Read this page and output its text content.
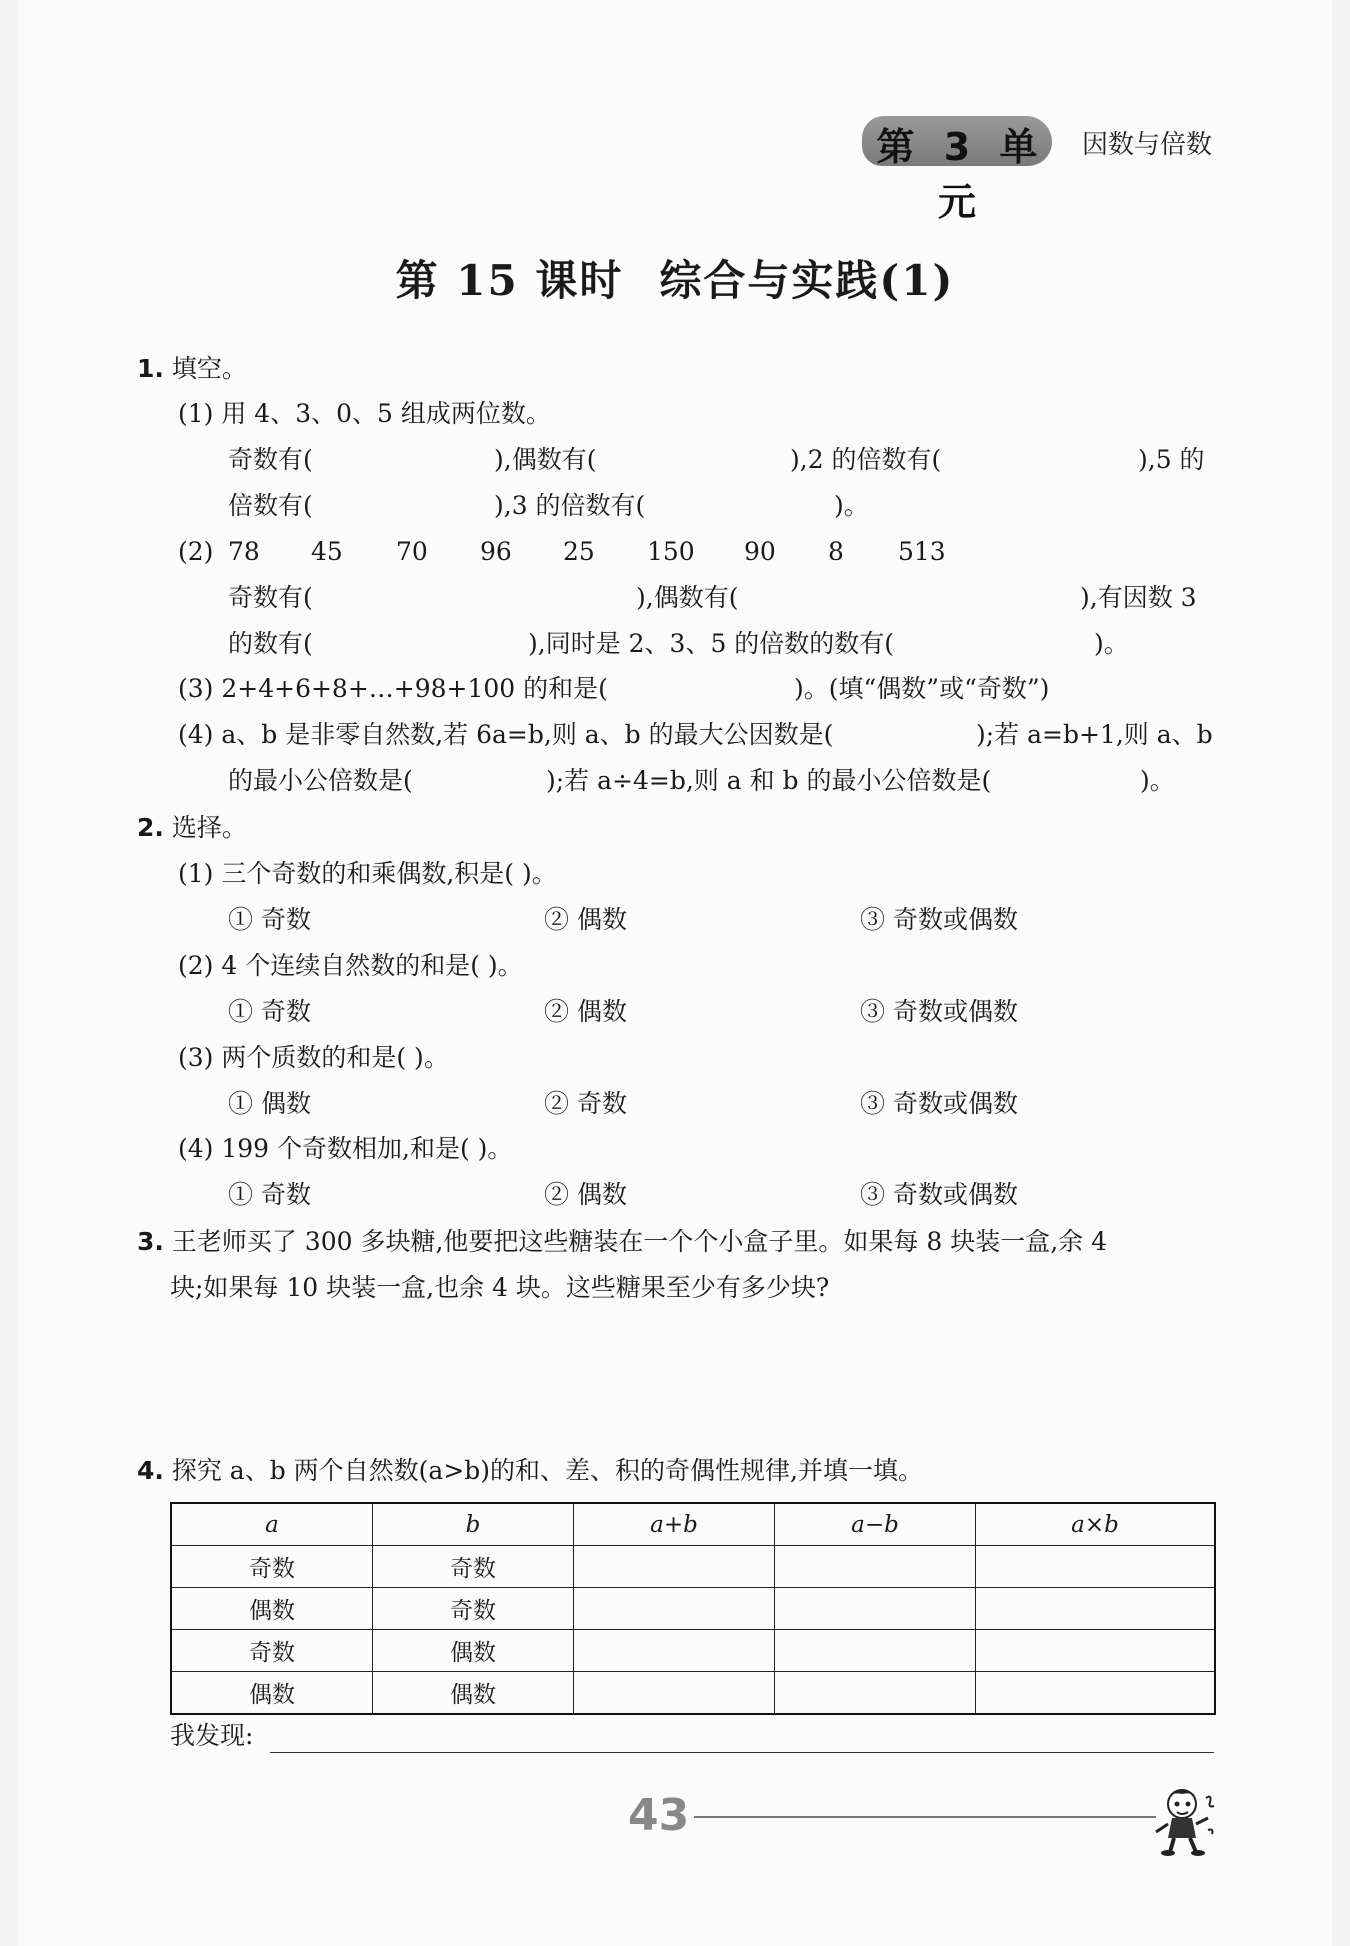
第 3 单元
因数与倍数
第 15 课时 综合与实践(1)
1. 填空。
(1) 用 4、3、0、5 组成两位数。
奇数有(	),偶数有(	),2 的倍数有(	),5 的
倍数有(	),3 的倍数有(	)。
(2) 78 45 70 96 25 150 90 8 513
奇数有(	),偶数有(	),有因数 3
的数有(	),同时是 2、3、5 的倍数的数有(	)。
(3) 2+4+6+8+…+98+100 的和是(	)。(填“偶数”或“奇数”)
(4) a、b 是非零自然数,若 6a=b,则 a、b 的最大公因数是(	);若 a=b+1,则 a、b
的最小公倍数是(	);若 a÷4=b,则 a 和 b 的最小公倍数是(	)。
2. 选择。
(1) 三个奇数的和乘偶数,积是( )。
① 奇数	② 偶数	③ 奇数或偶数
(2) 4 个连续自然数的和是( )。
① 奇数	② 偶数	③ 奇数或偶数
(3) 两个质数的和是( )。
① 偶数	② 奇数	③ 奇数或偶数
(4) 199 个奇数相加,和是( )。
① 奇数	② 偶数	③ 奇数或偶数
3. 王老师买了 300 多块糖,他要把这些糖装在一个个小盒子里。如果每 8 块装一盒,余 4
块;如果每 10 块装一盒,也余 4 块。这些糖果至少有多少块?
4. 探究 a、b 两个自然数(a>b)的和、差、积的奇偶性规律,并填一填。
a	b	a+b	a−b	a×b
奇数	奇数			
偶数	奇数			
奇数	偶数			
偶数	偶数			
我发现:
43
